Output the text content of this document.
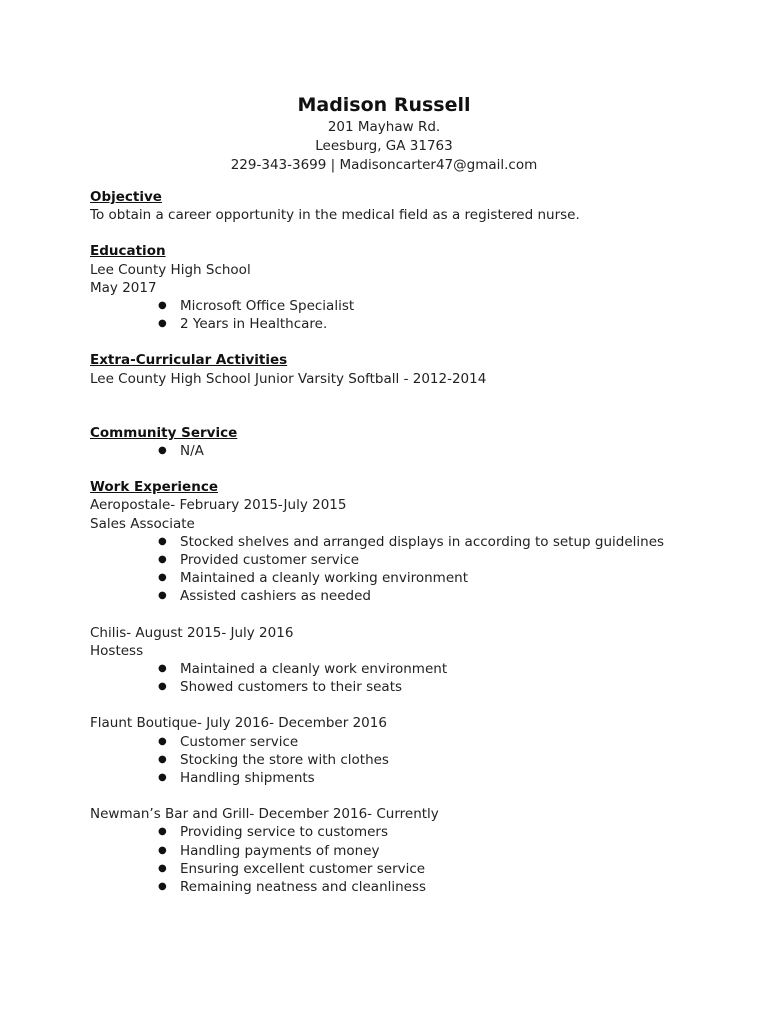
Madison Russell
201 Mayhaw Rd.
Leesburg, GA 31763
229-343-3699 | Madisoncarter47@gmail.com
Objective
To obtain a career opportunity in the medical field as a registered nurse.
Education
Lee County High School
May 2017
● Microsoft Office Specialist
● 2 Years in Healthcare.
Extra-Curricular Activities
Lee County High School Junior Varsity Softball - 2012-2014
Community Service
● N/A
Work Experience
Aeropostale- February 2015-July 2015
Sales Associate
● Stocked shelves and arranged displays in according to setup guidelines
● Provided customer service
● Maintained a cleanly working environment
● Assisted cashiers as needed
Chilis- August 2015- July 2016
Hostess
● Maintained a cleanly work environment
● Showed customers to their seats
Flaunt Boutique- July 2016- December 2016
● Customer service
● Stocking the store with clothes
● Handling shipments
Newman’s Bar and Grill- December 2016- Currently
● Providing service to customers
● Handling payments of money
● Ensuring excellent customer service
● Remaining neatness and cleanliness
